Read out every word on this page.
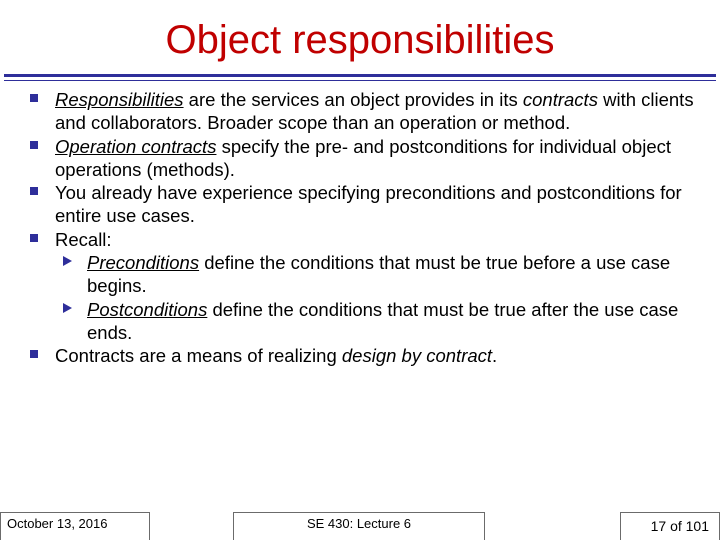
Object responsibilities
Responsibilities are the services an object provides in its contracts with clients and collaborators. Broader scope than an operation or method.
Operation contracts specify the pre- and postconditions for individual object operations (methods).
You already have experience specifying preconditions and postconditions for entire use cases.
Recall:
Preconditions define the conditions that must be true before a use case begins.
Postconditions define the conditions that must be true after the use case ends.
Contracts are a means of realizing design by contract.
October 13, 2016	SE 430: Lecture 6	17 of 101
